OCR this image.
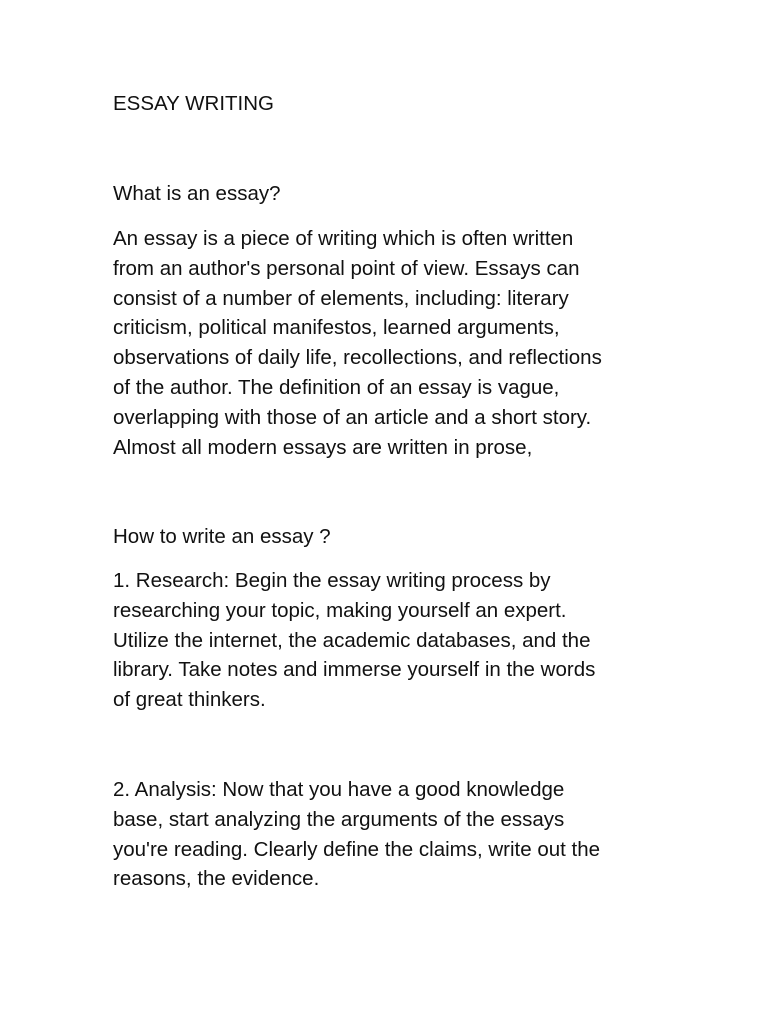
ESSAY WRITING

What is an essay?

An essay is a piece of writing which is often written
from an author's personal point of view. Essays can
consist of a number of elements, including: literary
criticism, political manifestos, learned arguments,
observations of daily life, recollections, and reflections
of the author. The definition of an essay is vague,
overlapping with those of an article and a short story.
Almost all modern essays are written in prose,

How to write an essay ?

1. Research: Begin the essay writing process by
researching your topic, making yourself an expert.
Utilize the internet, the academic databases, and the
library. Take notes and immerse yourself in the words
of great thinkers.

2. Analysis: Now that you have a good knowledge
base, start analyzing the arguments of the essays
you're reading. Clearly define the claims, write out the
reasons, the evidence.
